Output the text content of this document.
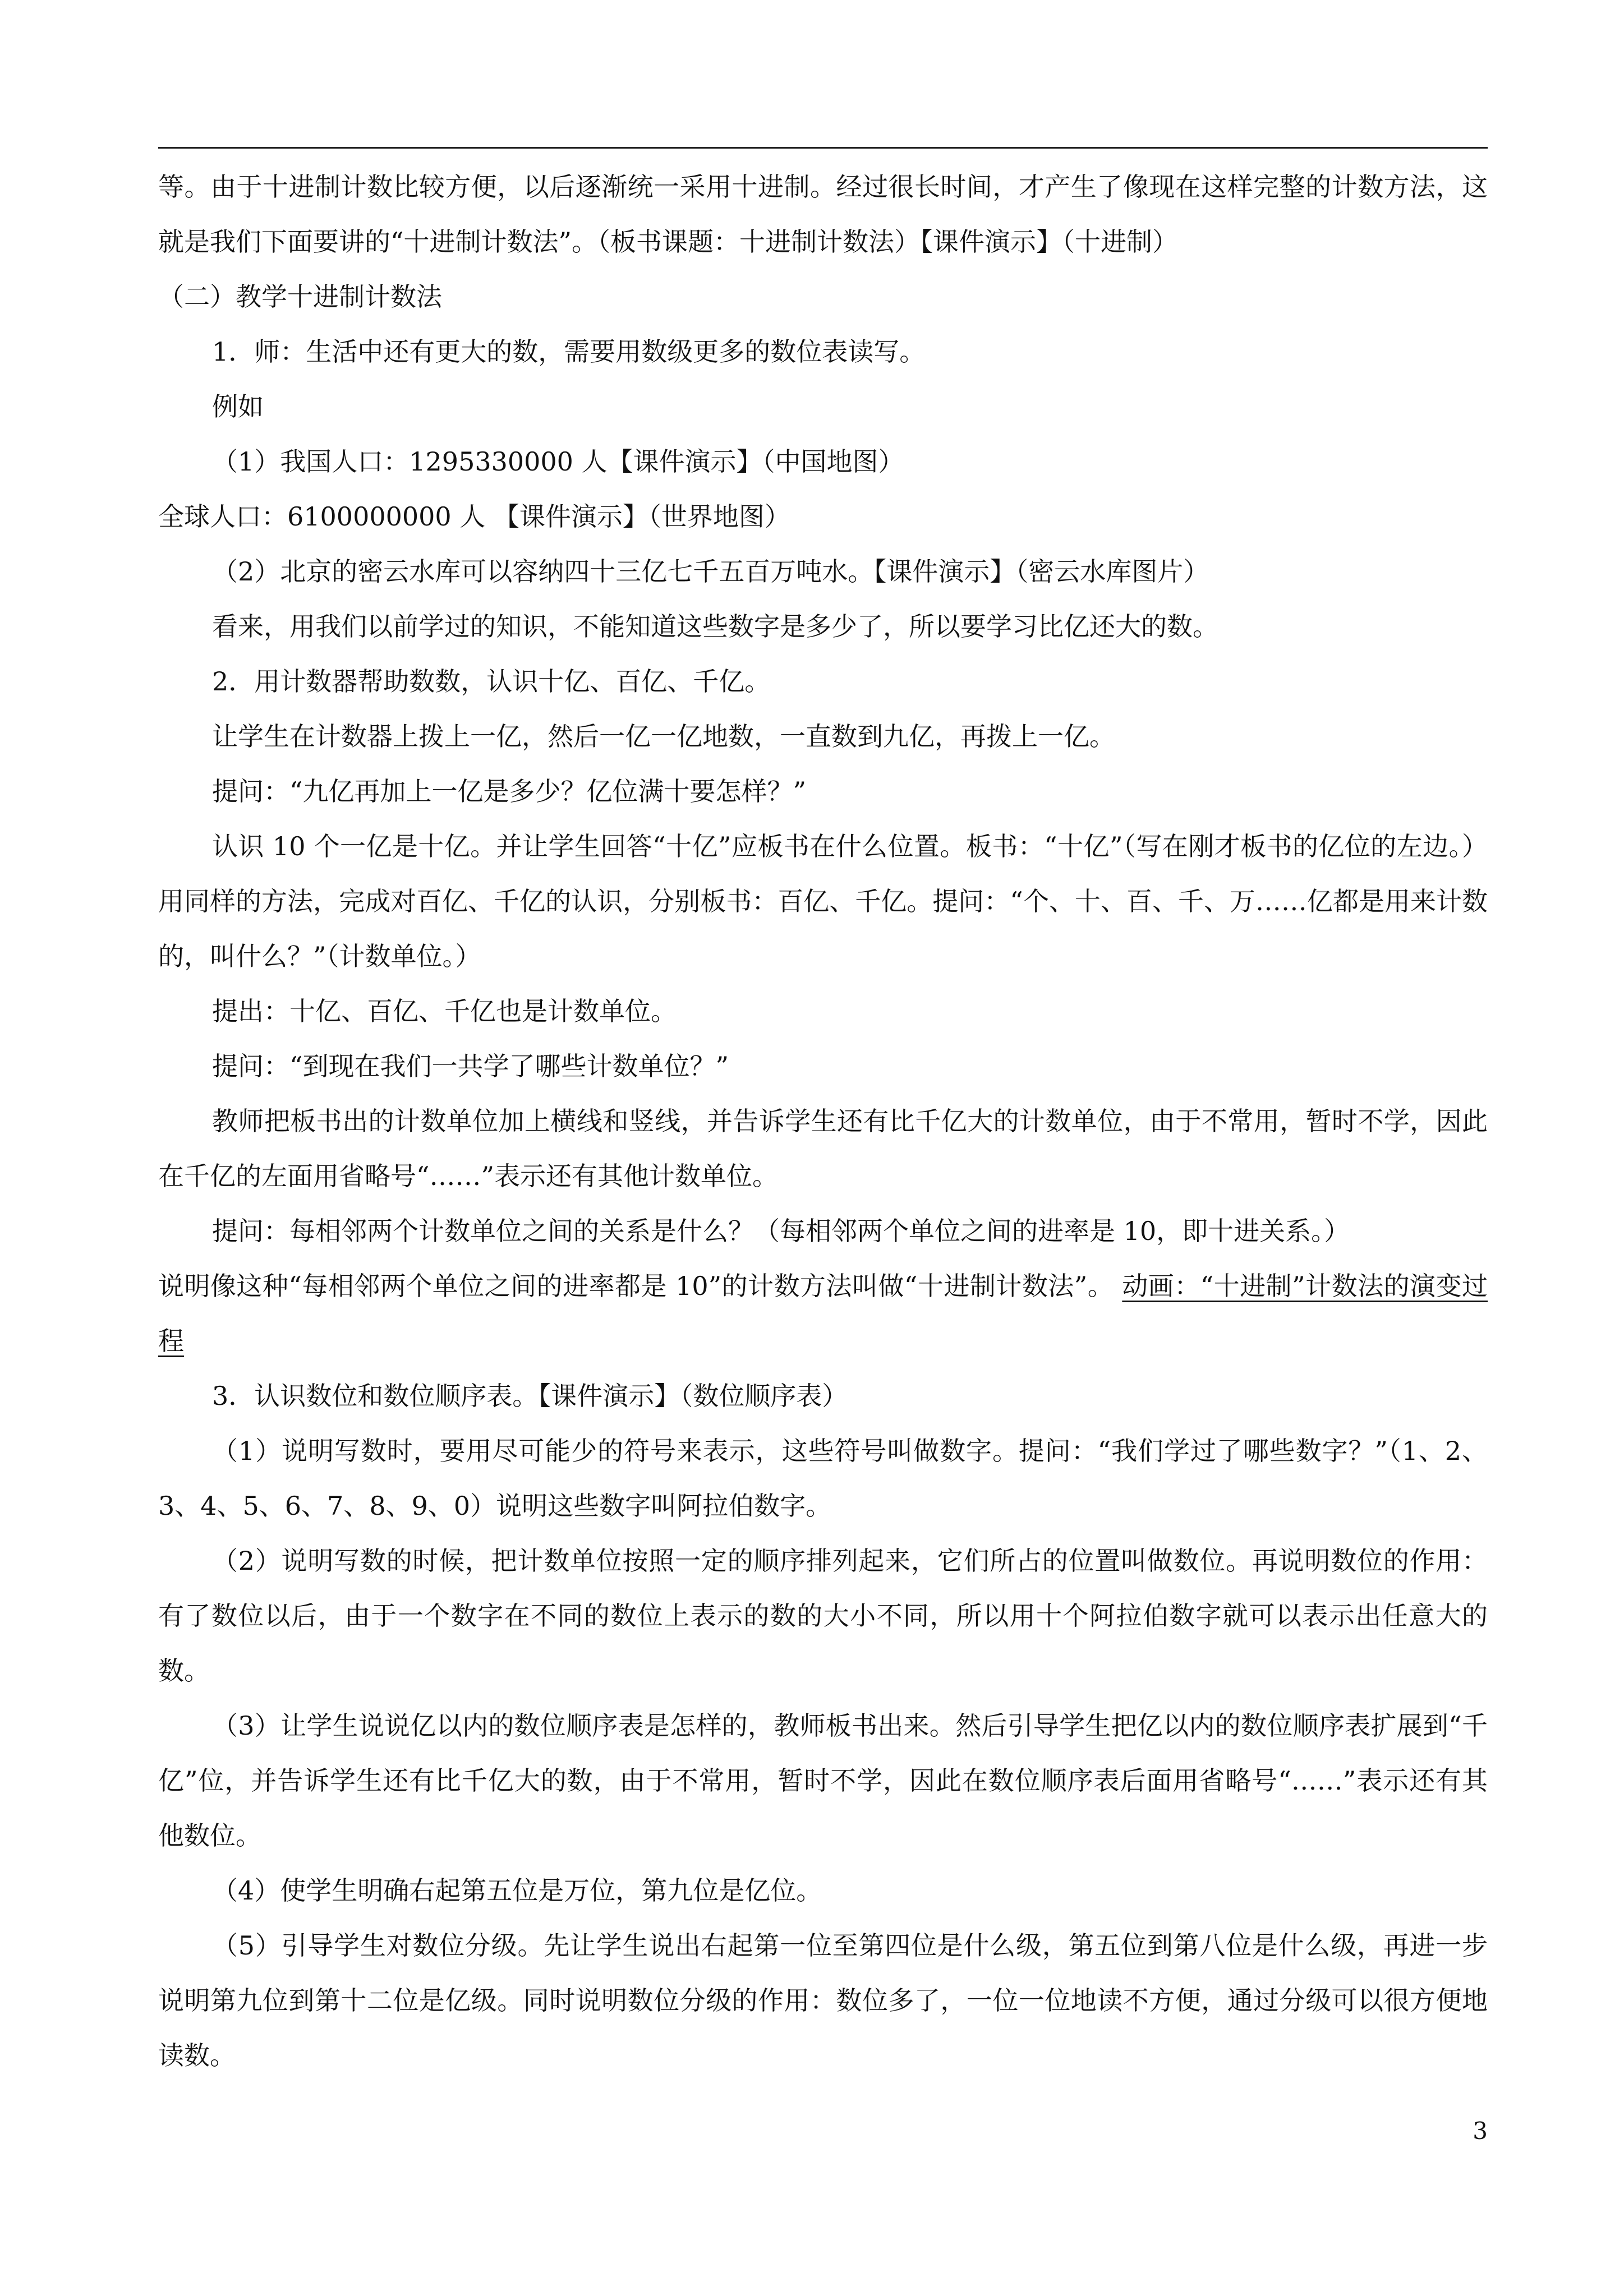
等。由于十进制计数比较方便，以后逐渐统一采用十进制。经过很长时间，才产生了像现在这样完整的计数方法，这就是我们下面要讲的“十进制计数法”。（板书课题：十进制计数法）【课件演示】（十进制）

（二）教学十进制计数法

1．师：生活中还有更大的数，需要用数级更多的数位表读写。

例如

（1）我国人口：1295330000 人【课件演示】（中国地图）

全球人口：6100000000 人 【课件演示】（世界地图）

（2）北京的密云水库可以容纳四十三亿七千五百万吨水。【课件演示】（密云水库图片）

看来，用我们以前学过的知识，不能知道这些数字是多少了，所以要学习比亿还大的数。

2．用计数器帮助数数，认识十亿、百亿、千亿。

让学生在计数器上拨上一亿，然后一亿一亿地数，一直数到九亿，再拨上一亿。

提问：“九亿再加上一亿是多少？亿位满十要怎样？”

认识 10 个一亿是十亿。并让学生回答“十亿”应板书在什么位置。板书：“十亿”（写在刚才板书的亿位的左边。）用同样的方法，完成对百亿、千亿的认识，分别板书：百亿、千亿。提问：“个、十、百、千、万……亿都是用来计数的，叫什么？”（计数单位。）

提出：十亿、百亿、千亿也是计数单位。

提问：“到现在我们一共学了哪些计数单位？”

教师把板书出的计数单位加上横线和竖线，并告诉学生还有比千亿大的计数单位，由于不常用，暂时不学，因此在千亿的左面用省略号“……”表示还有其他计数单位。

提问：每相邻两个计数单位之间的关系是什么？（每相邻两个单位之间的进率是 10，即十进关系。）

说明像这种“每相邻两个单位之间的进率都是 10”的计数方法叫做“十进制计数法”。 动画：“十进制”计数法的演变过程

3．认识数位和数位顺序表。【课件演示】（数位顺序表）

（1）说明写数时，要用尽可能少的符号来表示，这些符号叫做数字。提问：“我们学过了哪些数字？”（1、2、3、4、5、6、7、8、9、0）说明这些数字叫阿拉伯数字。

（2）说明写数的时候，把计数单位按照一定的顺序排列起来，它们所占的位置叫做数位。再说明数位的作用：有了数位以后，由于一个数字在不同的数位上表示的数的大小不同，所以用十个阿拉伯数字就可以表示出任意大的数。

（3）让学生说说亿以内的数位顺序表是怎样的，教师板书出来。然后引导学生把亿以内的数位顺序表扩展到“千亿”位，并告诉学生还有比千亿大的数，由于不常用，暂时不学，因此在数位顺序表后面用省略号“……”表示还有其他数位。

（4）使学生明确右起第五位是万位，第九位是亿位。

（5）引导学生对数位分级。先让学生说出右起第一位至第四位是什么级，第五位到第八位是什么级，再进一步说明第九位到第十二位是亿级。同时说明数位分级的作用：数位多了，一位一位地读不方便，通过分级可以很方便地读数。

3
